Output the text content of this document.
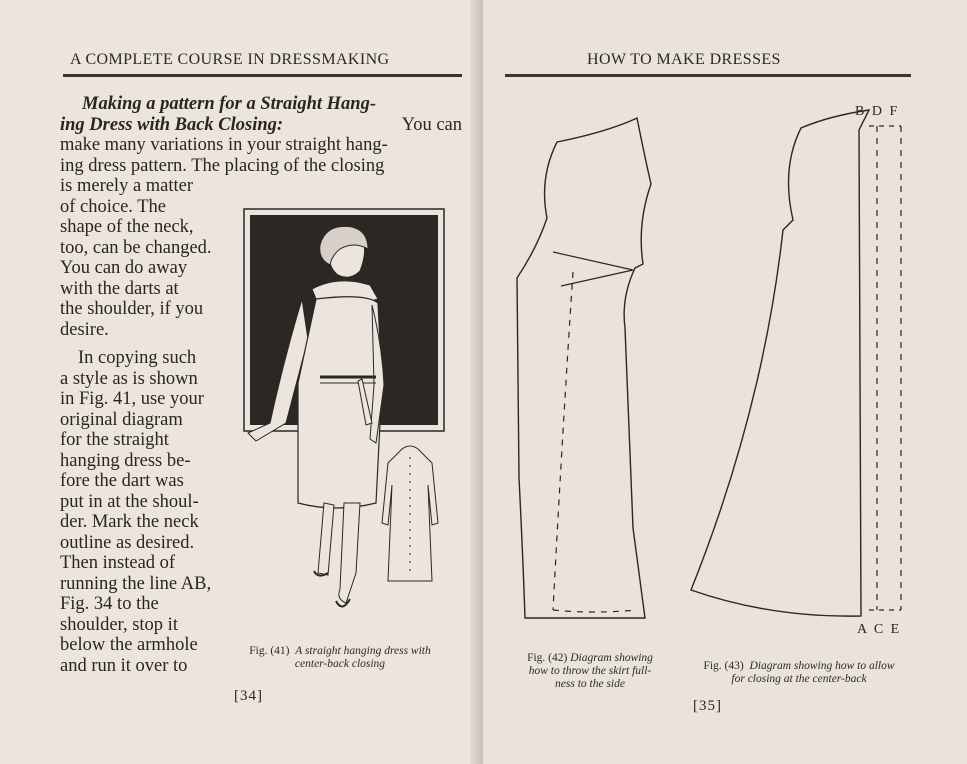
A COMPLETE COURSE IN DRESSMAKING
Making a pattern for a Straight Hang-
ing Dress with Back Closing:	You can
make many variations in your straight hang-
ing dress pattern. The placing of the closing
is merely a matter
of choice. The
shape of the neck,
too, can be changed.
You can do away
with the darts at
the shoulder, if you
desire.
In copying such
a style as is shown
in Fig. 41, use your
original diagram
for the straight
hanging dress be-
fore the dart was
put in at the shoul-
der. Mark the neck
outline as desired.
Then instead of
running the line AB,
Fig. 34 to the
shoulder, stop it
below the armhole
and run it over to
Fig. (41) A straight hanging dress with
center-back closing
[34]
HOW TO MAKE DRESSES
B D F
A C E
Fig. (42) Diagram showing
how to throw the skirt full-
ness to the side
Fig. (43) Diagram showing how to allow
for closing at the center-back
[35]
